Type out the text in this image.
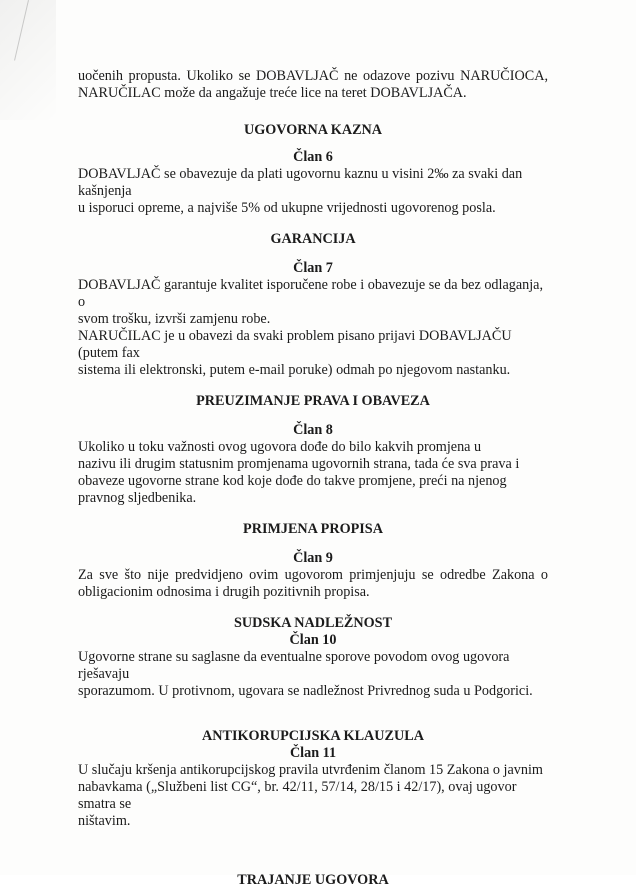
uočenih propusta. Ukoliko se DOBAVLJAČ ne odazove pozivu NARUČIOCA,

NARUČILAC može da angažuje treće lice na teret DOBAVLJAČA.

UGOVORNA KAZNA

Član 6

DOBAVLJAČ se obavezuje da plati ugovornu kaznu u visini 2‰ za svaki dan kašnjenja

u isporuci opreme, a najviše 5% od ukupne vrijednosti ugovorenog posla.

GARANCIJA

Član 7

DOBAVLJAČ garantuje kvalitet isporučene robe i obavezuje se da bez odlaganja, o

svom trošku, izvrši zamjenu robe.

NARUČILAC je u obavezi da svaki problem pisano prijavi DOBAVLJAČU (putem fax

sistema ili elektronski, putem e-mail poruke) odmah po njegovom nastanku.

PREUZIMANJE PRAVA I OBAVEZA

Član 8

Ukoliko u toku važnosti ovog ugovora dođe do bilo kakvih promjena u

nazivu ili drugim statusnim promjenama ugovornih strana, tada će sva prava i

obaveze ugovorne strane kod koje dođe do takve promjene, preći na njenog

pravnog sljedbenika.

PRIMJENA PROPISA

Član 9

Za sve što nije predvidjeno ovim ugovorom primjenjuju se odredbe Zakona o

obligacionim odnosima i drugih pozitivnih propisa.

SUDSKA NADLEŽNOST

Član 10

Ugovorne strane su saglasne da eventualne sporove povodom ovog ugovora rješavaju

sporazumom. U protivnom, ugovara se nadležnost Privrednog suda u Podgorici.

ANTIKORUPCIJSKA KLAUZULA

Član 11

U slučaju kršenja antikorupcijskog pravila utvrđenim članom 15 Zakona o javnim

nabavkama („Službeni list CG“, br. 42/11, 57/14, 28/15 i 42/17), ovaj ugovor smatra se

ništavim.

TRAJANJE UGOVORA
